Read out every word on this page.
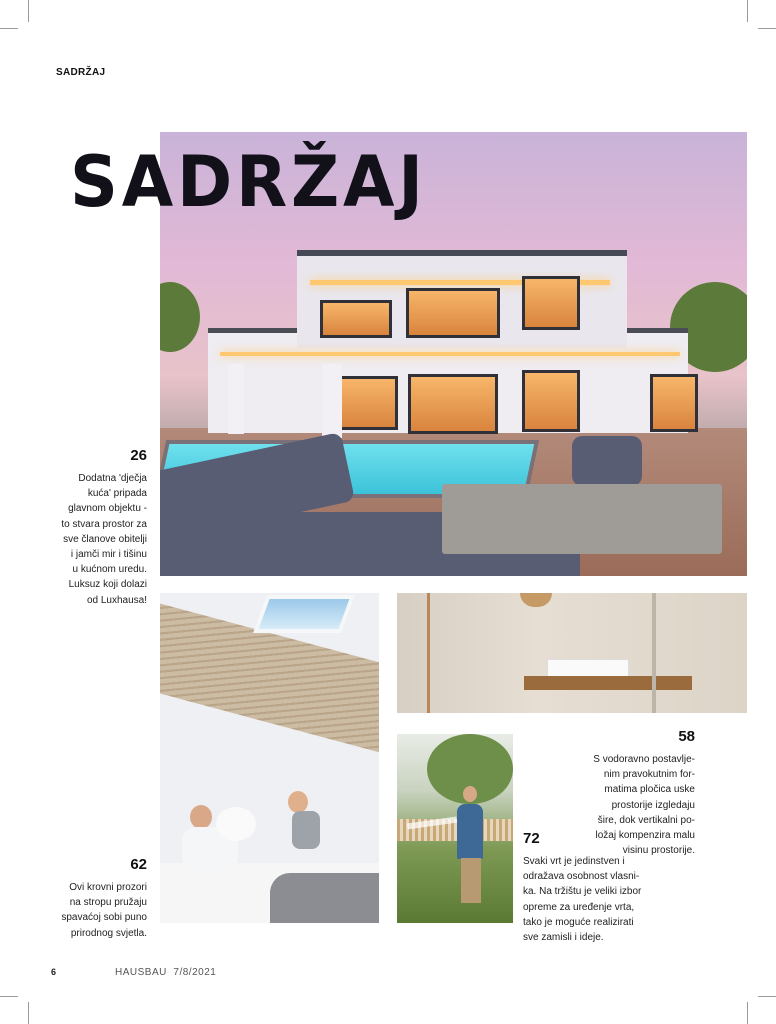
SADRŽAJ
SADRŽAJ
26
Dodatna 'dječja
kuća' pripada
glavnom objektu -
to stvara prostor za
sve članove obitelji
i jamči mir i tišinu
u kućnom uredu.
Luksuz koji dolazi
od Luxhausa!
62
Ovi krovni prozori
na stropu pružaju
spavaćoj sobi puno
prirodnog svjetla.
58
S vodoravno postavlje-
nim pravokutnim for-
matima pločica uske
prostorije izgledaju
šire, dok vertikalni po-
ložaj kompenzira malu
visinu prostorije.
72
Svaki vrt je jedinstven i
odražava osobnost vlasni-
ka. Na tržištu je veliki izbor
opreme za uređenje vrta,
tako je moguće realizirati
sve zamisli i ideje.
6	HAUSBAU  7/8/2021
